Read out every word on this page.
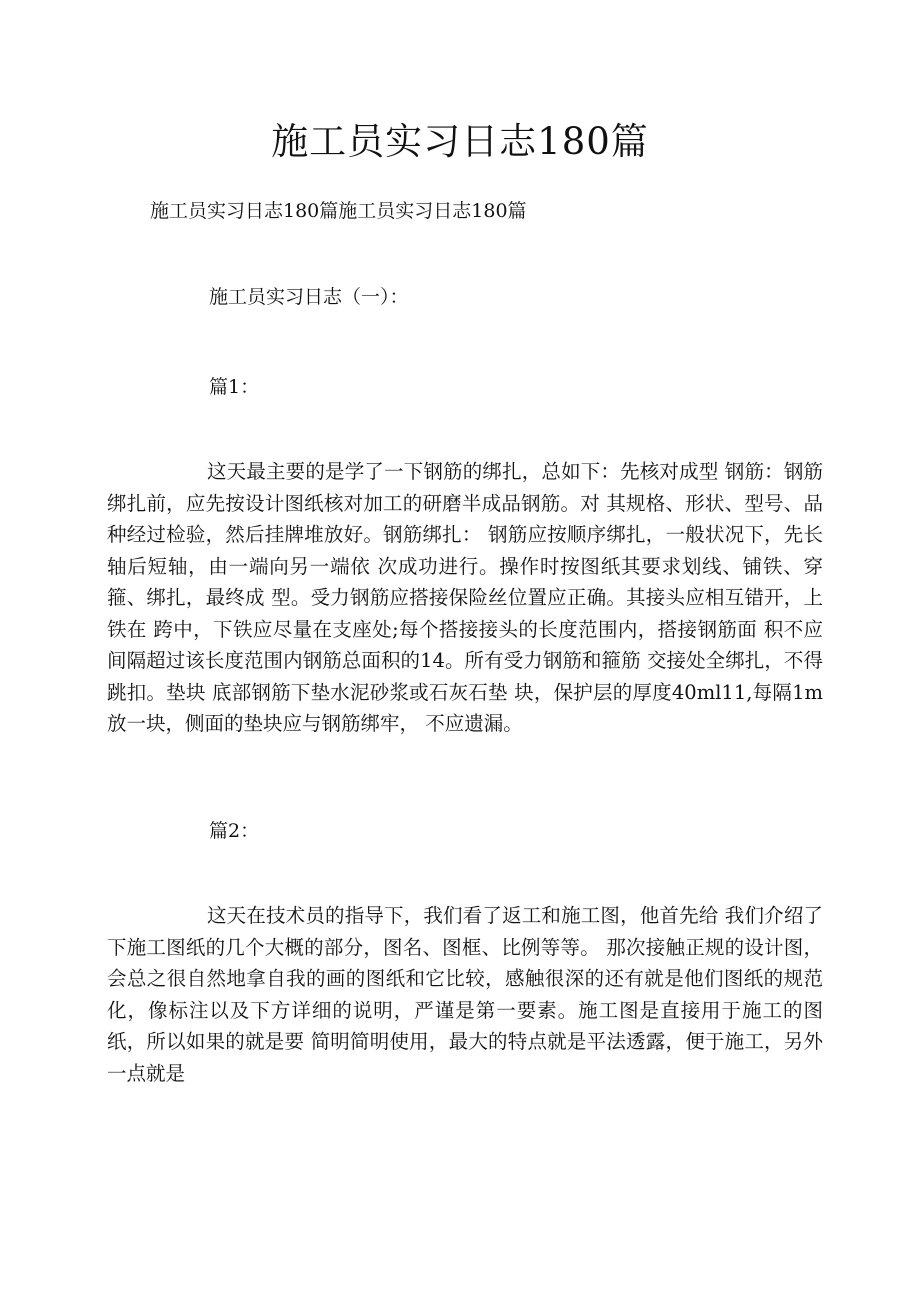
施工员实习日志180篇
施工员实习日志180篇施工员实习日志180篇
施工员实习日志（一）：
篇1：
这天最主要的是学了一下钢筋的绑扎，总如下：先核对成型 钢筋：钢筋绑扎前，应先按设计图纸核对加工的研磨半成品钢筋。对 其规格、形状、型号、品种经过检验，然后挂牌堆放好。钢筋绑扎： 钢筋应按顺序绑扎，一般状况下，先长轴后短轴，由一端向另一端依 次成功进行。操作时按图纸其要求划线、铺铁、穿箍、绑扎，最终成 型。受力钢筋应搭接保险丝位置应正确。其接头应相互错开，上铁在 跨中，下铁应尽量在支座处;每个搭接接头的长度范围内，搭接钢筋面 积不应间隔超过该长度范围内钢筋总面积的14。所有受力钢筋和箍筋 交接处全绑扎，不得跳扣。垫块 底部钢筋下垫水泥砂浆或石灰石垫 块，保护层的厚度40ml11,每隔1m放一块，侧面的垫块应与钢筋绑牢， 不应遗漏。
篇2：
这天在技术员的指导下，我们看了返工和施工图，他首先给 我们介绍了下施工图纸的几个大概的部分，图名、图框、比例等等。 那次接触正规的设计图，会总之很自然地拿自我的画的图纸和它比较，感触很深的还有就是他们图纸的规范化，像标注以及下方详细的说明，严谨是第一要素。施工图是直接用于施工的图纸，所以如果的就是要 简明简明使用，最大的特点就是平法透露，便于施工，另外一点就是
